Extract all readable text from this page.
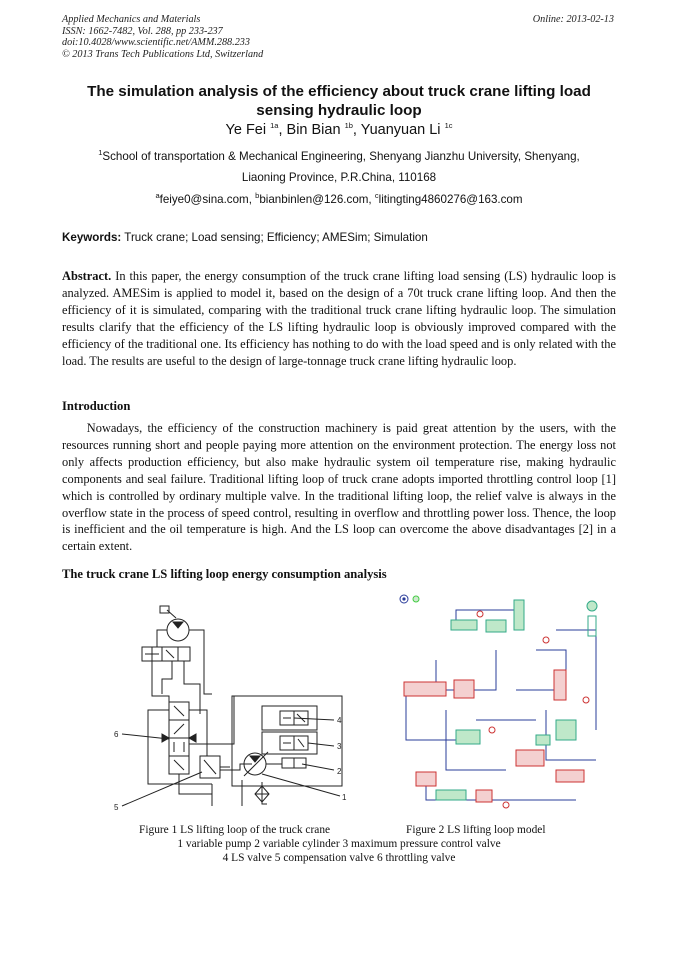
Applied Mechanics and Materials
ISSN: 1662-7482, Vol. 288, pp 233-237
doi:10.4028/www.scientific.net/AMM.288.233
© 2013 Trans Tech Publications Ltd, Switzerland
Online: 2013-02-13
The simulation analysis of the efficiency about truck crane lifting load
sensing hydraulic loop
Ye Fei $^{1a}$, Bin Bian $^{1b}$, Yuanyuan Li $^{1c}$
$^1$School of transportation & Mechanical Engineering, Shenyang Jianzhu University, Shenyang,
Liaoning Province, P.R.China, 110168
$^a$feiye0@sina.com, $^b$bianbinlen@126.com, $^c$litingting4860276@163.com
Keywords: Truck crane; Load sensing; Efficiency; AMESim; Simulation
Abstract. In this paper, the energy consumption of the truck crane lifting load sensing (LS) hydraulic loop is analyzed. AMESim is applied to model it, based on the design of a 70t truck crane lifting loop. And then the efficiency of it is simulated, comparing with the traditional truck crane lifting hydraulic loop. The simulation results clarify that the efficiency of the LS lifting hydraulic loop is obviously improved compared with the efficiency of the traditional one. Its efficiency has nothing to do with the load speed and is only related with the load. The results are useful to the design of large-tonnage truck crane lifting hydraulic loop.
Introduction
Nowadays, the efficiency of the construction machinery is paid great attention by the users, with the resources running short and people paying more attention on the environment protection. The energy loss not only affects production efficiency, but also make hydraulic system oil temperature rise, making hydraulic components and seal failure. Traditional lifting loop of truck crane adopts imported throttling control loop [1] which is controlled by ordinary multiple valve. In the traditional lifting loop, the relief valve is always in the overflow state in the process of speed control, resulting in overflow and throttling power loss. Thence, the loop is inefficient and the oil temperature is high. And the LS loop can overcome the above disadvantages [2] in a certain extent.
The truck crane LS lifting loop energy consumption analysis
4
3
2
1
5
6
Figure 1 LS lifting loop of the truck crane	Figure 2 LS lifting loop model
1 variable pump 2 variable cylinder 3 maximum pressure control valve
4 LS valve 5 compensation valve 6 throttling valve
